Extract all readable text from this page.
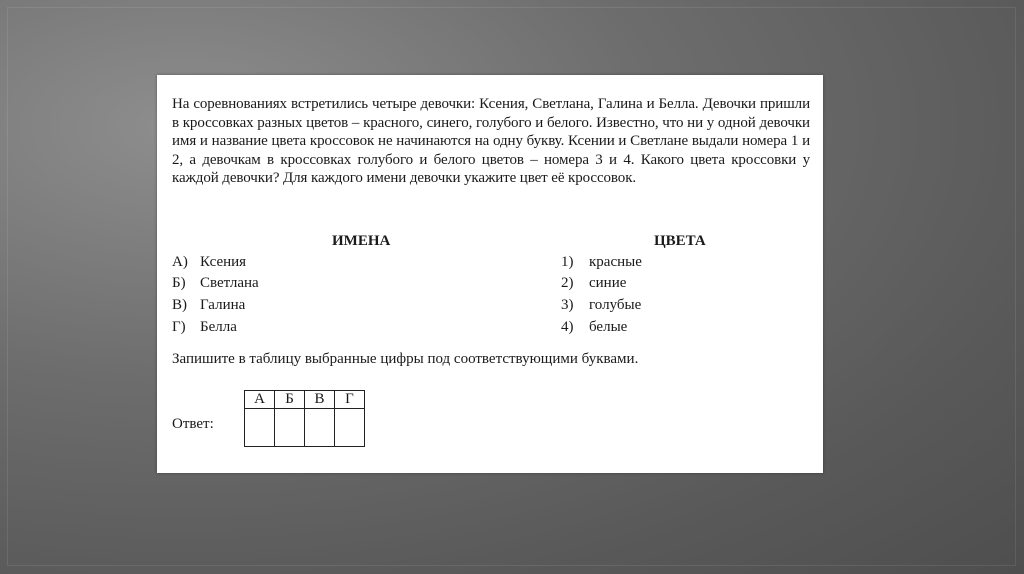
На соревнованиях встретились четыре девочки: Ксения, Светлана, Галина и Белла. Девочки пришли в кроссовках разных цветов – красного, синего, голубого и белого. Известно, что ни у одной девочки имя и название цвета кроссовок не начинаются на одну букву. Ксении и Светлане выдали номера 1 и 2, а девочкам в кроссовках голубого и белого цветов – номера 3 и 4. Какого цвета кроссовки у каждой девочки? Для каждого имени девочки укажите цвет её кроссовок.
ИМЕНА	ЦВЕТА
А) Ксения
Б) Светлана
В) Галина
Г) Белла
1) красные
2) синие
3) голубые
4) белые
Запишите в таблицу выбранные цифры под соответствующими буквами.
Ответ:
А	Б	В	Г
